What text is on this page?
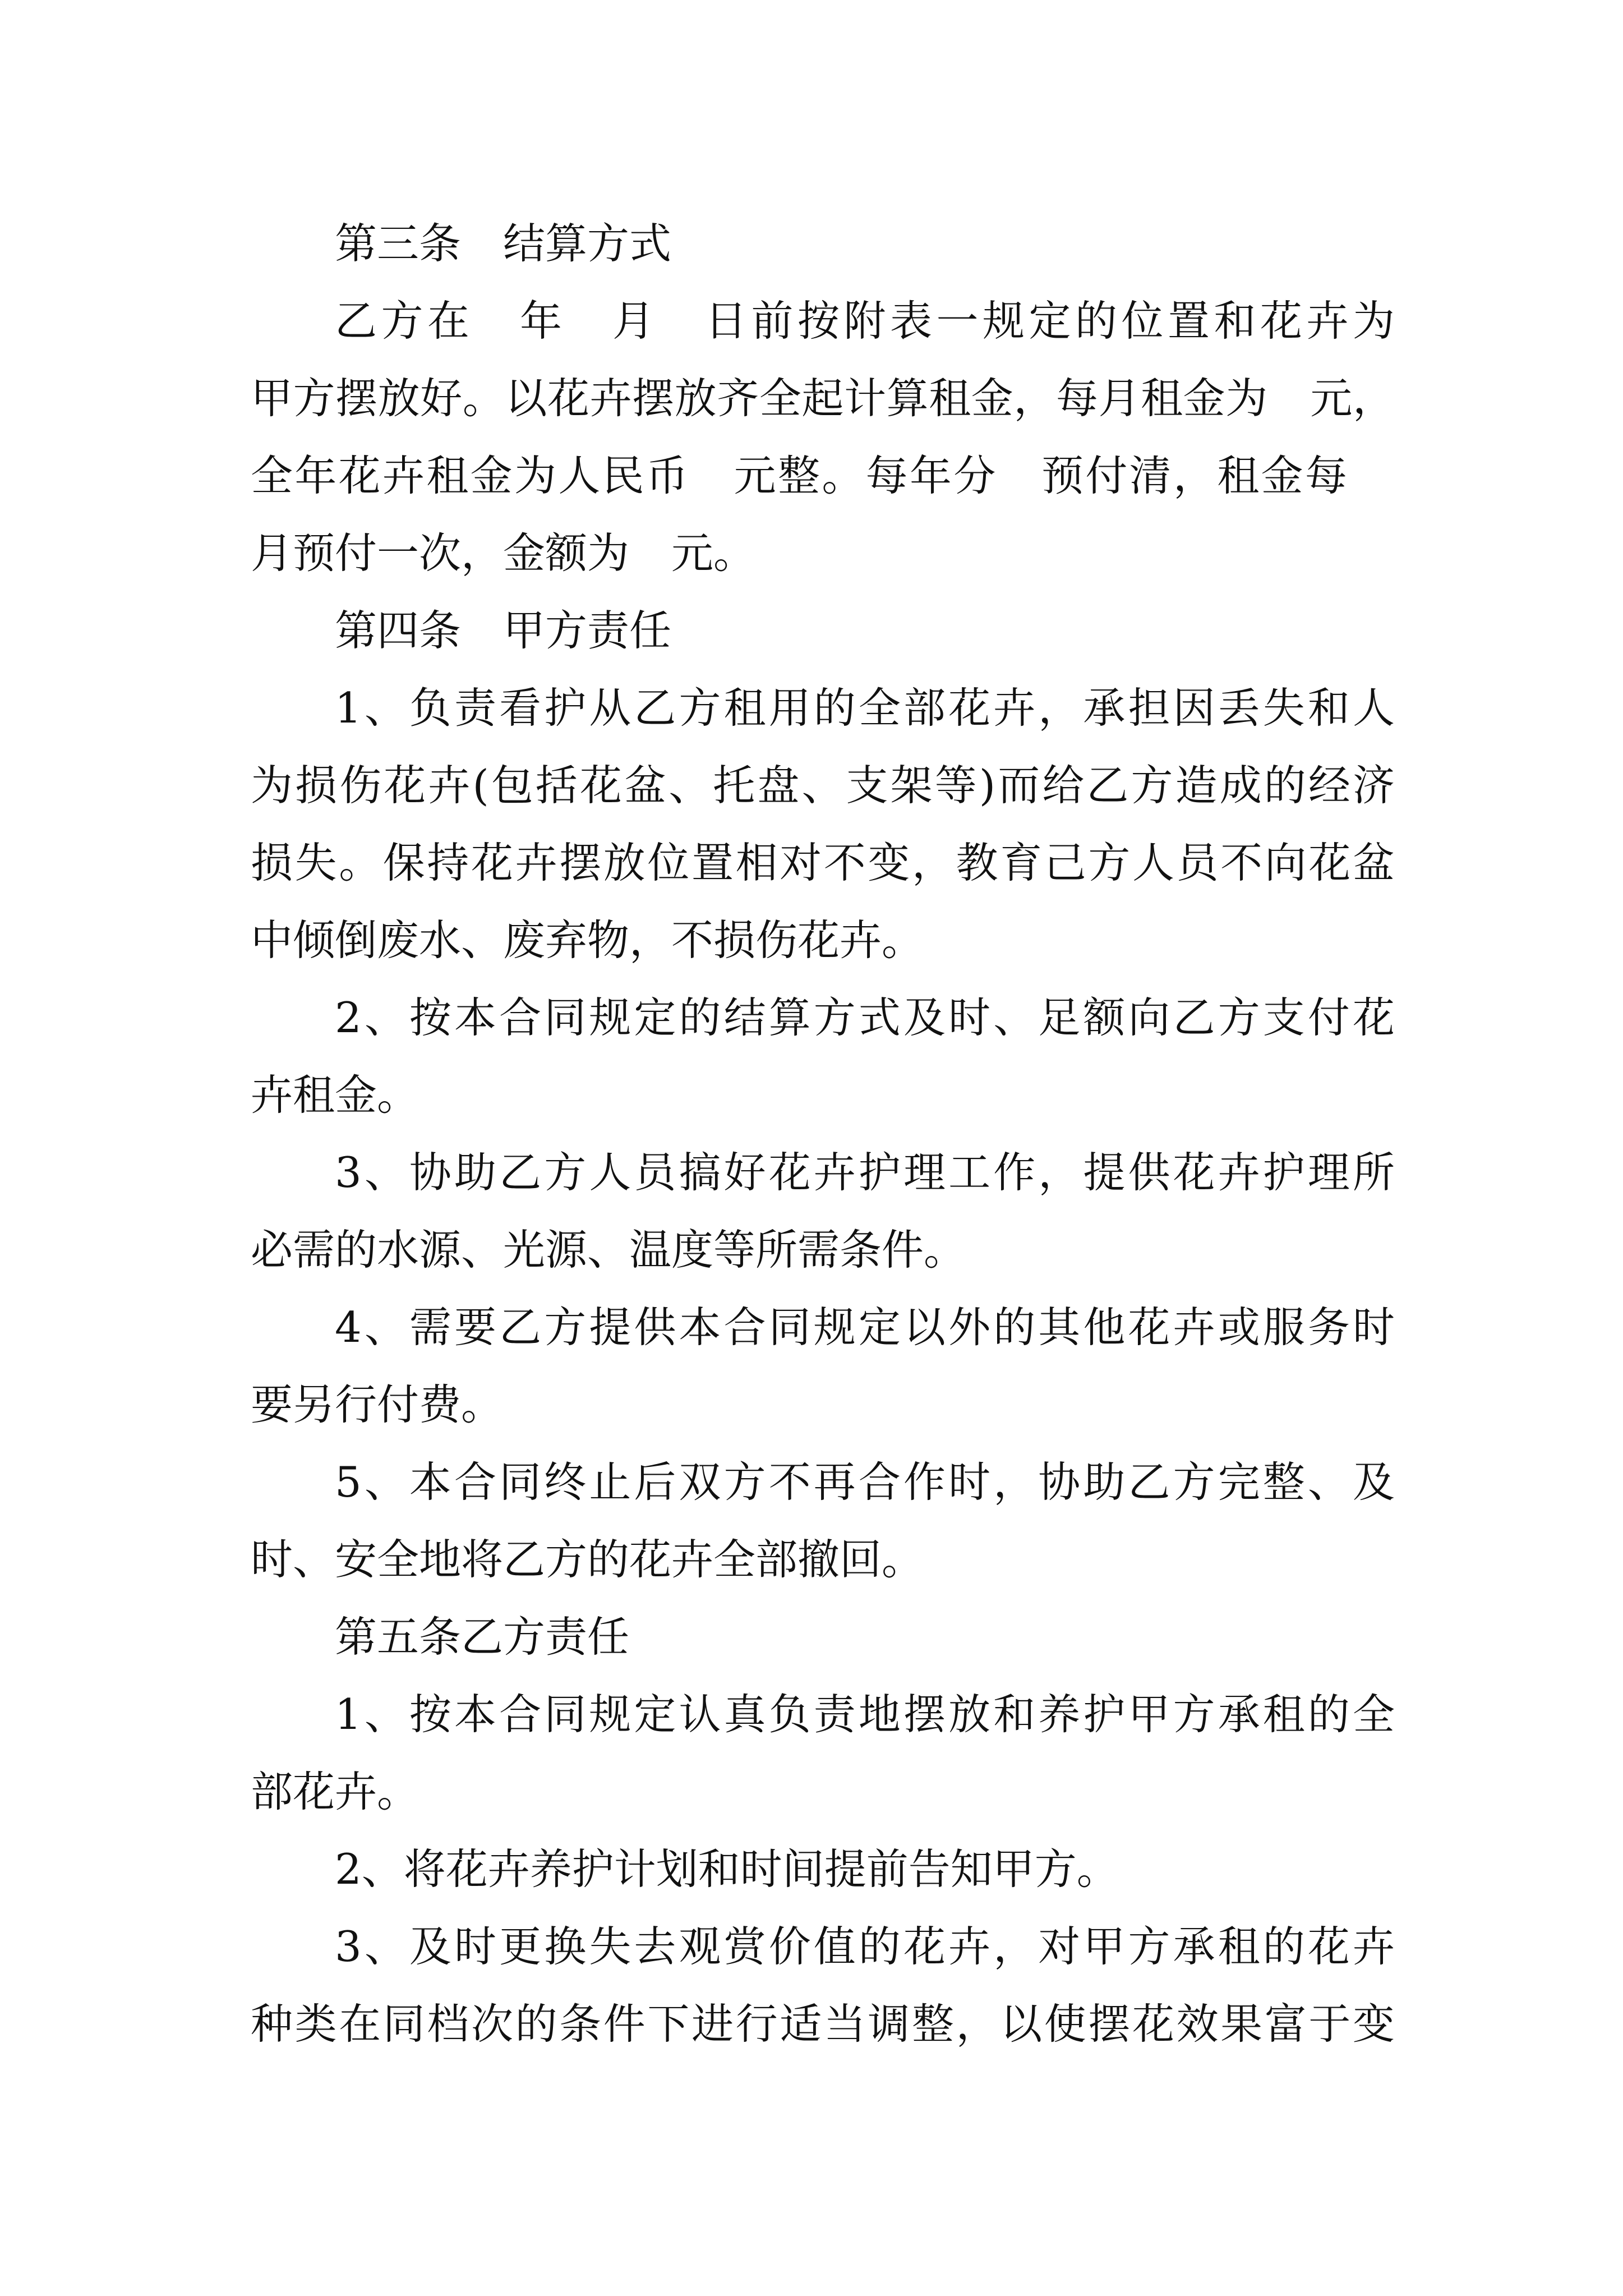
第三条　结算方式
乙方在　年　月　日前按附表一规定的位置和花卉为
甲方摆放好。以花卉摆放齐全起计算租金，每月租金为　元，
全年花卉租金为人民币　元整。每年分　预付清，租金每
月预付一次，金额为　元。
第四条　甲方责任
1、负责看护从乙方租用的全部花卉，承担因丢失和人
为损伤花卉(包括花盆、托盘、支架等)而给乙方造成的经济
损失。保持花卉摆放位置相对不变，教育己方人员不向花盆
中倾倒废水、废弃物，不损伤花卉。
2、按本合同规定的结算方式及时、足额向乙方支付花
卉租金。
3、协助乙方人员搞好花卉护理工作，提供花卉护理所
必需的水源、光源、温度等所需条件。
4、需要乙方提供本合同规定以外的其他花卉或服务时
要另行付费。
5、本合同终止后双方不再合作时，协助乙方完整、及
时、安全地将乙方的花卉全部撤回。
第五条乙方责任
1、按本合同规定认真负责地摆放和养护甲方承租的全
部花卉。
2、将花卉养护计划和时间提前告知甲方。
3、及时更换失去观赏价值的花卉，对甲方承租的花卉
种类在同档次的条件下进行适当调整，以使摆花效果富于变
